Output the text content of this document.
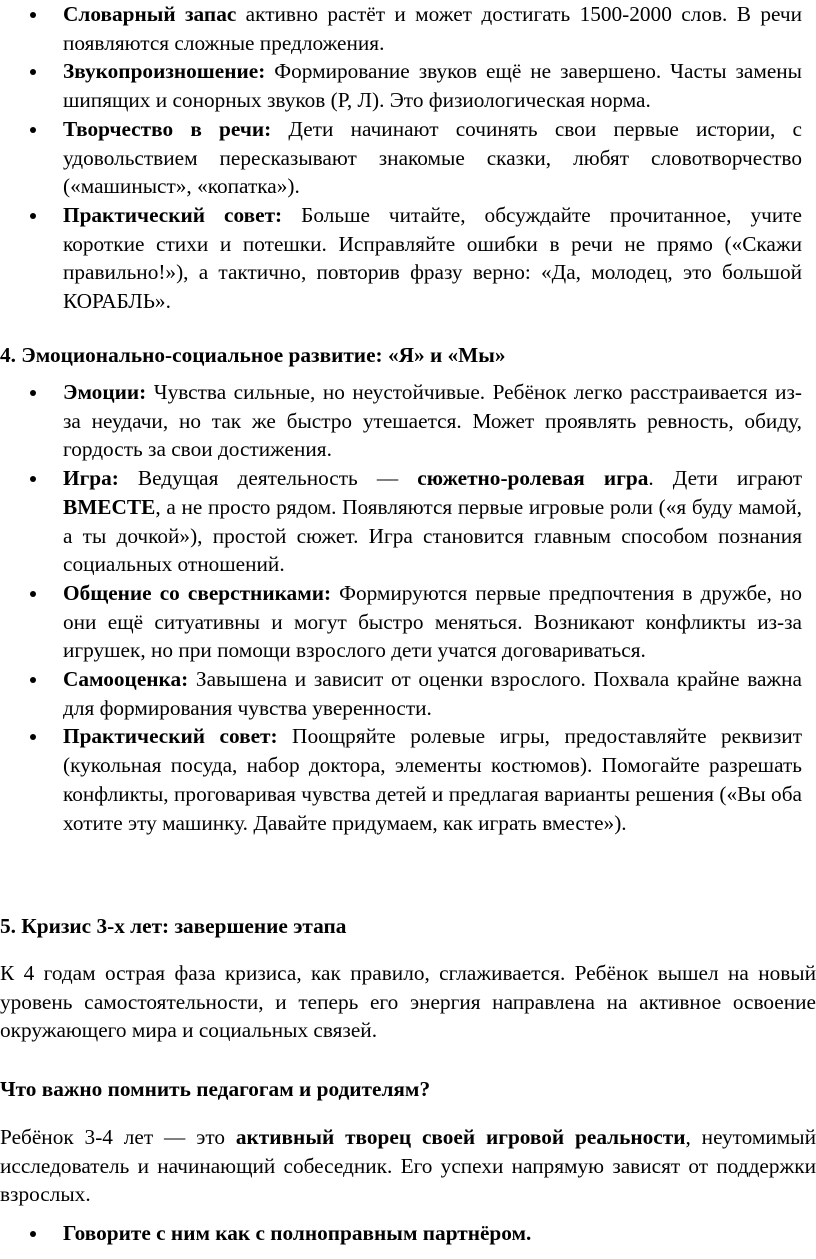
Словарный запас активно растёт и может достигать 1500-2000 слов. В речи появляются сложные предложения.
Звукопроизношение: Формирование звуков ещё не завершено. Часты замены шипящих и сонорных звуков (Р, Л). Это физиологическая норма.
Творчество в речи: Дети начинают сочинять свои первые истории, с удовольствием пересказывают знакомые сказки, любят словотворчество («машиныст», «копатка»).
Практический совет: Больше читайте, обсуждайте прочитанное, учите короткие стихи и потешки. Исправляйте ошибки в речи не прямо («Скажи правильно!»), а тактично, повторив фразу верно: «Да, молодец, это большой КОРАБЛЬ».
4. Эмоционально-социальное развитие: «Я» и «Мы»
Эмоции: Чувства сильные, но неустойчивые. Ребёнок легко расстраивается из-за неудачи, но так же быстро утешается. Может проявлять ревность, обиду, гордость за свои достижения.
Игра: Ведущая деятельность — сюжетно-ролевая игра. Дети играют ВМЕСТЕ, а не просто рядом. Появляются первые игровые роли («я буду мамой, а ты дочкой»), простой сюжет. Игра становится главным способом познания социальных отношений.
Общение со сверстниками: Формируются первые предпочтения в дружбе, но они ещё ситуативны и могут быстро меняться. Возникают конфликты из-за игрушек, но при помощи взрослого дети учатся договариваться.
Самооценка: Завышена и зависит от оценки взрослого. Похвала крайне важна для формирования чувства уверенности.
Практический совет: Поощряйте ролевые игры, предоставляйте реквизит (кукольная посуда, набор доктора, элементы костюмов). Помогайте разрешать конфликты, проговаривая чувства детей и предлагая варианты решения («Вы оба хотите эту машинку. Давайте придумаем, как играть вместе»).
5. Кризис 3-х лет: завершение этапа

К 4 годам острая фаза кризиса, как правило, сглаживается. Ребёнок вышел на новый уровень самостоятельности, и теперь его энергия направлена на активное освоение окружающего мира и социальных связей.

Что важно помнить педагогам и родителям?

Ребёнок 3-4 лет — это активный творец своей игровой реальности, неутомимый исследователь и начинающий собеседник. Его успехи напрямую зависят от поддержки взрослых.

Говорите с ним как с полноправным партнёром.
